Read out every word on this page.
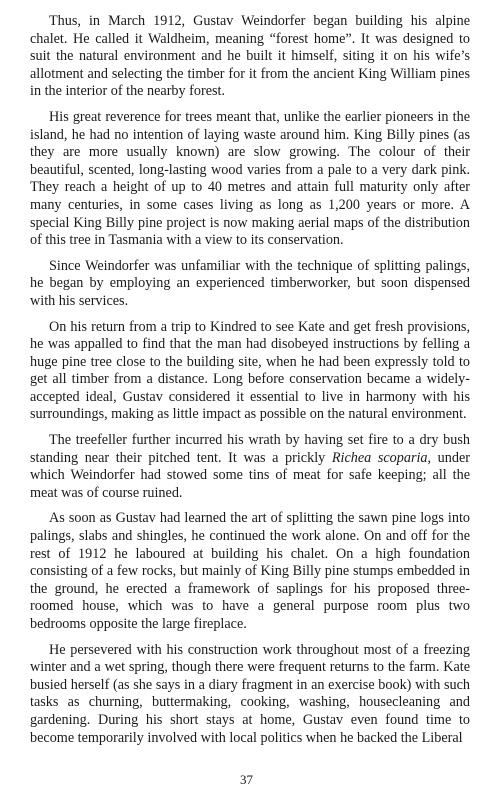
Thus, in March 1912, Gustav Weindorfer began building his alpine chalet. He called it Waldheim, meaning “forest home”. It was designed to suit the natural environment and he built it himself, siting it on his wife’s allotment and selecting the timber for it from the ancient King William pines in the interior of the nearby forest.

His great reverence for trees meant that, unlike the earlier pioneers in the island, he had no intention of laying waste around him. King Billy pines (as they are more usually known) are slow growing. The colour of their beautiful, scented, long-lasting wood varies from a pale to a very dark pink. They reach a height of up to 40 metres and attain full maturity only after many centuries, in some cases living as long as 1,200 years or more. A special King Billy pine project is now making aerial maps of the distribution of this tree in Tasmania with a view to its conservation.

Since Weindorfer was unfamiliar with the technique of splitting palings, he began by employing an experienced timberworker, but soon dispensed with his services.

On his return from a trip to Kindred to see Kate and get fresh provisions, he was appalled to find that the man had disobeyed instructions by felling a huge pine tree close to the building site, when he had been expressly told to get all timber from a distance. Long before conservation became a widely-accepted ideal, Gustav considered it essential to live in harmony with his surroundings, making as little impact as possible on the natural environment.

The treefeller further incurred his wrath by having set fire to a dry bush standing near their pitched tent. It was a prickly Richea scoparia, under which Weindorfer had stowed some tins of meat for safe keeping; all the meat was of course ruined.

As soon as Gustav had learned the art of splitting the sawn pine logs into palings, slabs and shingles, he continued the work alone. On and off for the rest of 1912 he laboured at building his chalet. On a high foundation consisting of a few rocks, but mainly of King Billy pine stumps embedded in the ground, he erected a framework of saplings for his proposed three-roomed house, which was to have a general purpose room plus two bedrooms opposite the large fireplace.

He persevered with his construction work throughout most of a freezing winter and a wet spring, though there were frequent returns to the farm. Kate busied herself (as she says in a diary fragment in an exercise book) with such tasks as churning, buttermaking, cooking, washing, housecleaning and gardening. During his short stays at home, Gustav even found time to become temporarily involved with local politics when he backed the Liberal

37
